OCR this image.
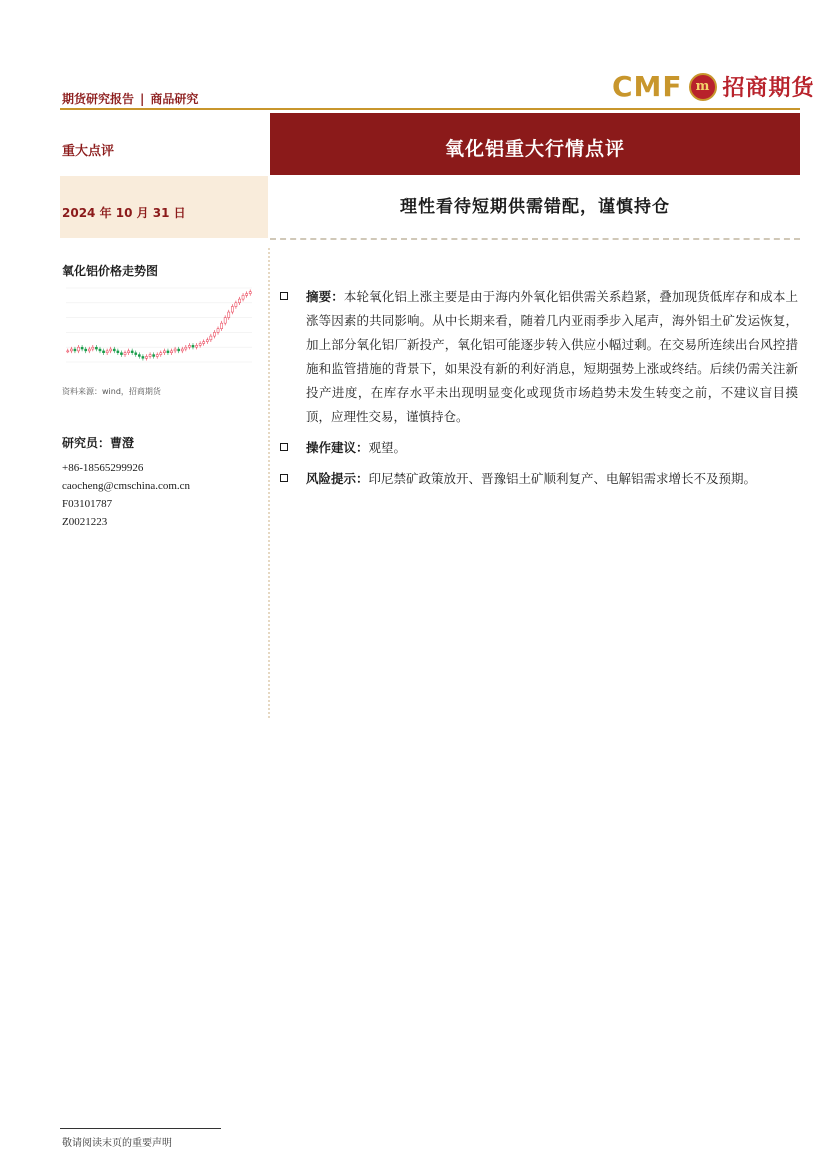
期货研究报告 | 商品研究	CMF	m 招商期货
重大点评
2024 年 10 月 31 日
氧化铝重大行情点评
理性看待短期供需错配，谨慎持仓
氧化铝价格走势图
资料来源：wind，招商期货
研究员：曹澄
+86-18565299926
caocheng@cmschina.com.cn
F03101787
Z0021223
摘要：本轮氧化铝上涨主要是由于海内外氧化铝供需关系趋紧，叠加现货低库存和成本上涨等因素的共同影响。从中长期来看，随着几内亚雨季步入尾声，海外铝土矿发运恢复，加上部分氧化铝厂新投产，氧化铝可能逐步转入供应小幅过剩。在交易所连续出台风控措施和监管措施的背景下，如果没有新的利好消息，短期强势上涨或终结。后续仍需关注新投产进度，在库存水平未出现明显变化或现货市场趋势未发生转变之前，不建议盲目摸顶，应理性交易，谨慎持仓。
操作建议：观望。
风险提示：印尼禁矿政策放开、晋豫铝土矿顺利复产、电解铝需求增长不及预期。
敬请阅读末页的重要声明
